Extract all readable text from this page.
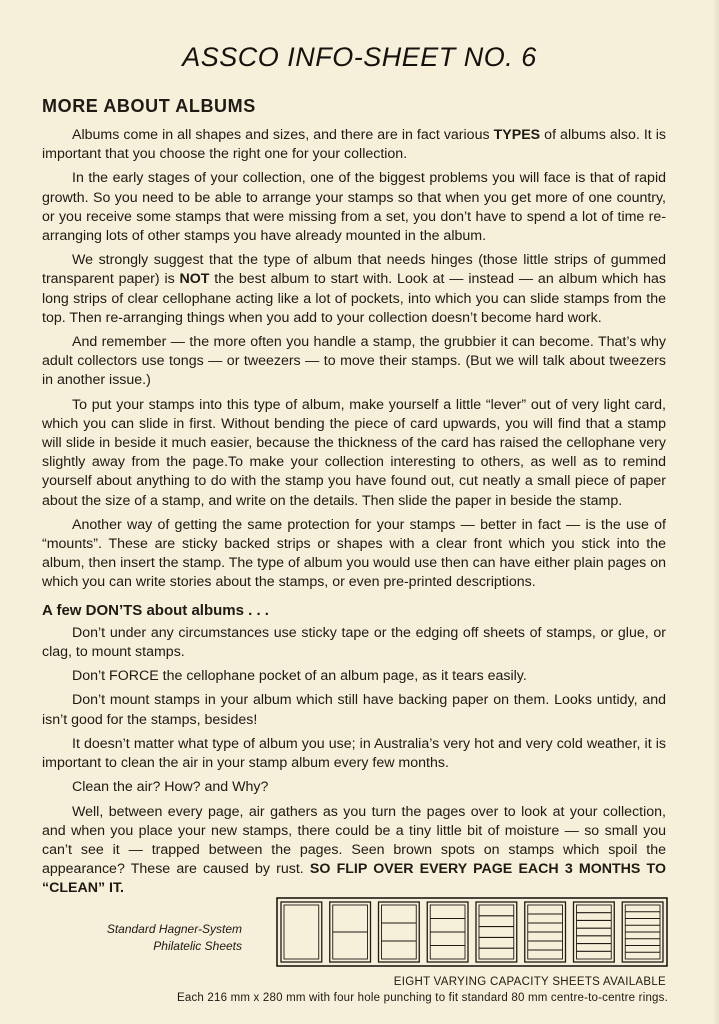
ASSCO INFO-SHEET NO. 6
MORE ABOUT ALBUMS

Albums come in all shapes and sizes, and there are in fact various TYPES of albums also. It is important that you choose the right one for your collection.

In the early stages of your collection, one of the biggest problems you will face is that of rapid growth. So you need to be able to arrange your stamps so that when you get more of one country, or you receive some stamps that were missing from a set, you don’t have to spend a lot of time re-arranging lots of other stamps you have already mounted in the album.

We strongly suggest that the type of album that needs hinges (those little strips of gummed transparent paper) is NOT the best album to start with. Look at — instead — an album which has long strips of clear cellophane acting like a lot of pockets, into which you can slide stamps from the top. Then re-arranging things when you add to your collection doesn’t become hard work.

And remember — the more often you handle a stamp, the grubbier it can become. That’s why adult collectors use tongs — or tweezers — to move their stamps. (But we will talk about tweezers in another issue.)

To put your stamps into this type of album, make yourself a little “lever” out of very light card, which you can slide in first. Without bending the piece of card upwards, you will find that a stamp will slide in beside it much easier, because the thickness of the card has raised the cellophane very slightly away from the page.To make your collection interesting to others, as well as to remind yourself about anything to do with the stamp you have found out, cut neatly a small piece of paper about the size of a stamp, and write on the details. Then slide the paper in beside the stamp.

Another way of getting the same protection for your stamps — better in fact — is the use of “mounts”. These are sticky backed strips or shapes with a clear front which you stick into the album, then insert the stamp. The type of album you would use then can have either plain pages on which you can write stories about the stamps, or even pre-printed descriptions.

A few DON’TS about albums . . .

Don’t under any circumstances use sticky tape or the edging off sheets of stamps, or glue, or clag, to mount stamps.

Don’t FORCE the cellophane pocket of an album page, as it tears easily.

Don’t mount stamps in your album which still have backing paper on them. Looks untidy, and isn’t good for the stamps, besides!

It doesn’t matter what type of album you use; in Australia’s very hot and very cold weather, it is important to clean the air in your stamp album every few months.

Clean the air? How? and Why?

Well, between every page, air gathers as you turn the pages over to look at your collection, and when you place your new stamps, there could be a tiny little bit of moisture — so small you can’t see it — trapped between the pages. Seen brown spots on stamps which spoil the appearance? These are caused by rust. SO FLIP OVER EVERY PAGE EACH 3 MONTHS TO “CLEAN” IT.

Standard Hagner-System
Philatelic Sheets
EIGHT VARYING CAPACITY SHEETS AVAILABLE
Each 216 mm x 280 mm with four hole punching to fit standard 80 mm centre-to-centre rings.
